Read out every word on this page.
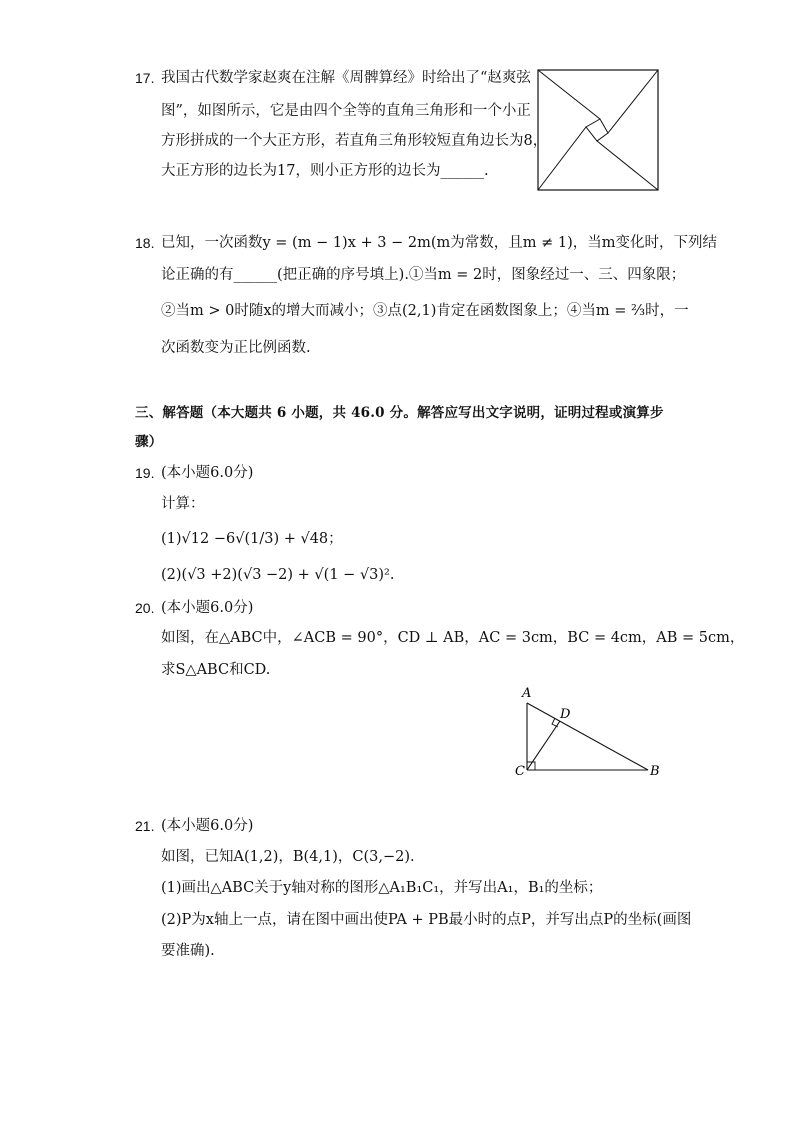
17. 我国古代数学家赵爽在注解《周髀算经》时给出了“赵爽弦
图”，如图所示，它是由四个全等的直角三角形和一个小正
方形拼成的一个大正方形，若直角三角形较短直角边长为8，
大正方形的边长为17，则小正方形的边长为______.
18. 已知，一次函数y = (m − 1)x + 3 − 2m(m为常数，且m ≠ 1)，当m变化时，下列结
论正确的有______(把正确的序号填上).①当m = 2时，图象经过一、三、四象限；
②当m > 0时随x的增大而减小；③点(2,1)肯定在函数图象上；④当m = ⅔时，一
次函数变为正比例函数.
三、解答题（本大题共 6 小题，共 46.0 分。解答应写出文字说明，证明过程或演算步
骤）
19. (本小题6.0分)
计算：
(1)√12 −6√(1/3) + √48；
(2)(√3 +2)(√3 −2) + √(1 − √3)².
20. (本小题6.0分)
如图，在△ABC中，∠ACB = 90°，CD ⊥ AB，AC = 3cm，BC = 4cm，AB = 5cm，
求S△ABC和CD.
A
D
C	B
21. (本小题6.0分)
如图，已知A(1,2)，B(4,1)，C(3,−2).
(1)画出△ABC关于y轴对称的图形△A₁B₁C₁，并写出A₁，B₁的坐标；
(2)P为x轴上一点，请在图中画出使PA + PB最小时的点P，并写出点P的坐标(画图
要准确).
